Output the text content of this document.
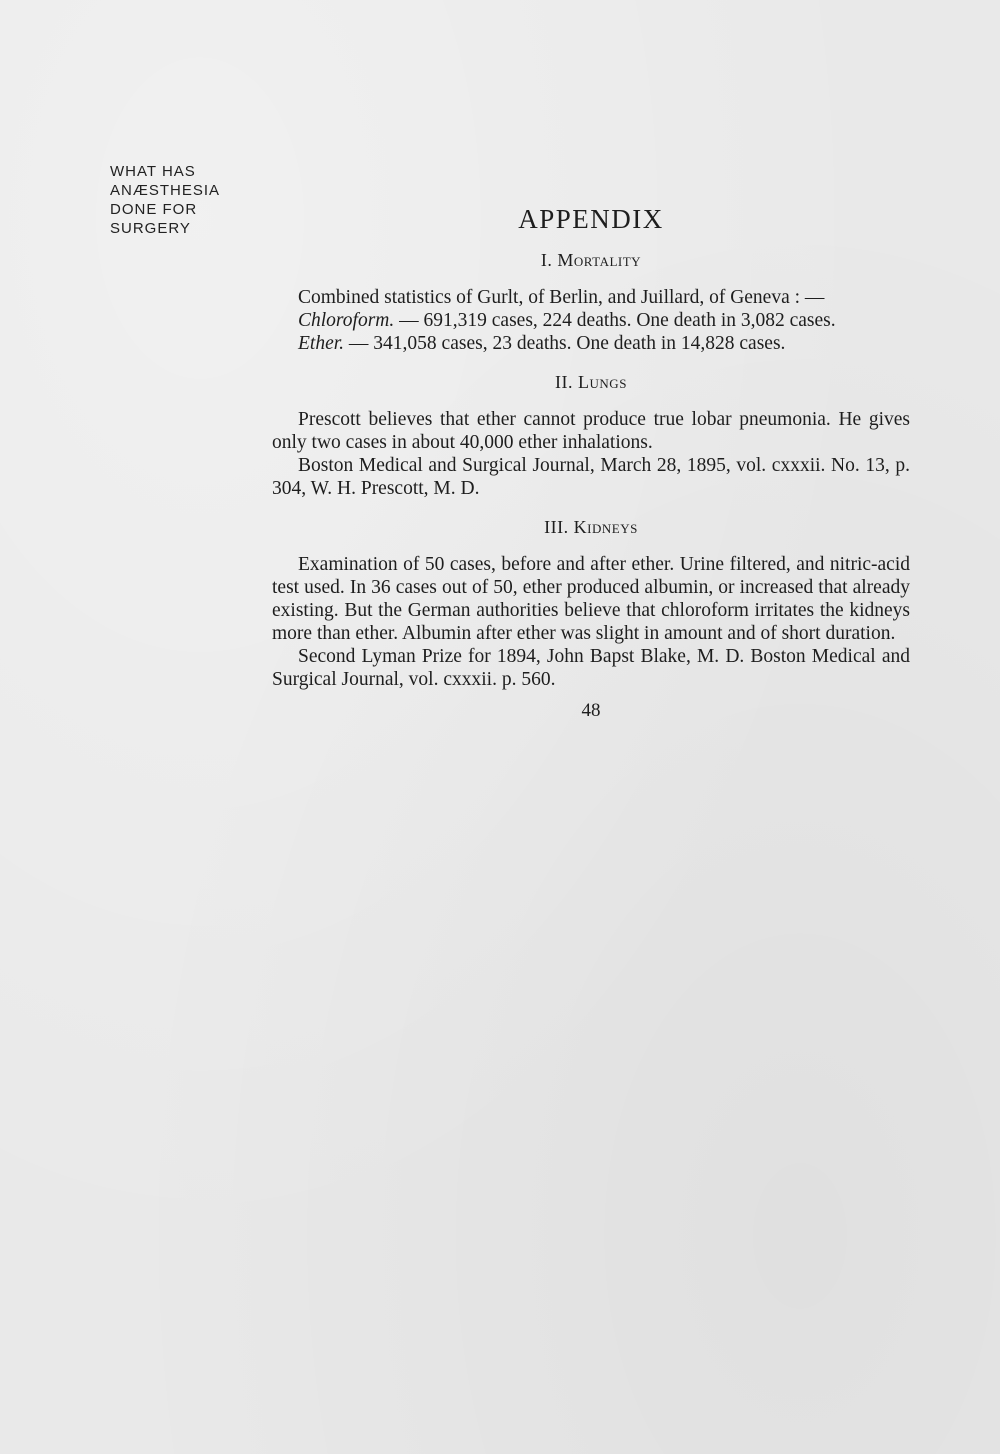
WHAT HAS
ANÆSTHESIA
DONE FOR
SURGERY	APPENDIX
I. Mortality

Combined statistics of Gurlt, of Berlin, and Juillard, of Geneva : —

Chloroform. — 691,319 cases, 224 deaths. One death in 3,082 cases.

Ether. — 341,058 cases, 23 deaths. One death in 14,828 cases.

II. Lungs

Prescott believes that ether cannot produce true lobar pneumonia. He gives only two cases in about 40,000 ether inhalations.

Boston Medical and Surgical Journal, March 28, 1895, vol. cxxxii. No. 13, p. 304, W. H. Prescott, M. D.

III. Kidneys

Examination of 50 cases, before and after ether. Urine filtered, and nitric-acid test used. In 36 cases out of 50, ether produced albumin, or increased that already existing. But the German authorities believe that chloroform irritates the kidneys more than ether. Albumin after ether was slight in amount and of short duration.

Second Lyman Prize for 1894, John Bapst Blake, M. D. Boston Medical and Surgical Journal, vol. cxxxii. p. 560.

48
